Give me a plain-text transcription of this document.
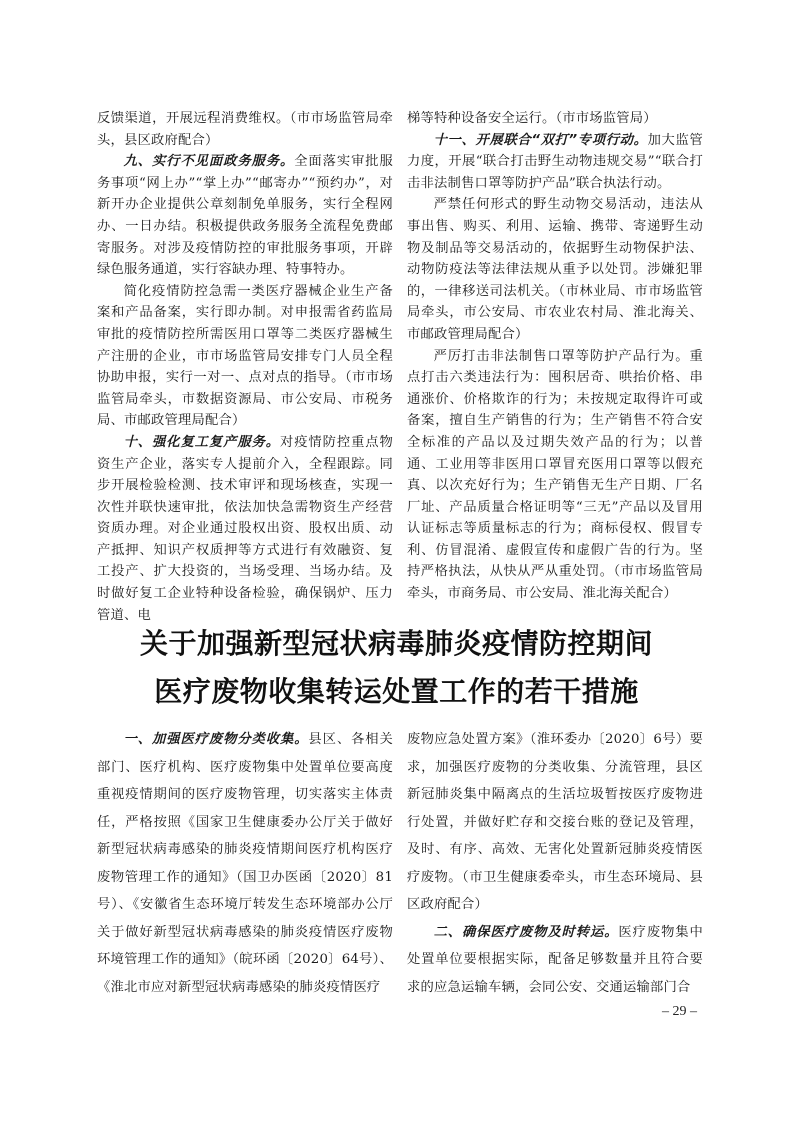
反馈渠道，开展远程消费维权。（市市场监管局牵头，县区政府配合）

九、实行不见面政务服务。全面落实审批服务事项“网上办”“掌上办”“邮寄办”“预约办”，对新开办企业提供公章刻制免单服务，实行全程网办、一日办结。积极提供政务服务全流程免费邮寄服务。对涉及疫情防控的审批服务事项，开辟绿色服务通道，实行容缺办理、特事特办。

简化疫情防控急需一类医疗器械企业生产备案和产品备案，实行即办制。对申报需省药监局审批的疫情防控所需医用口罩等二类医疗器械生产注册的企业，市市场监管局安排专门人员全程协助申报，实行一对一、点对点的指导。（市市场监管局牵头，市数据资源局、市公安局、市税务局、市邮政管理局配合）

十、强化复工复产服务。对疫情防控重点物资生产企业，落实专人提前介入，全程跟踪。同步开展检验检测、技术审评和现场核查，实现一次性并联快速审批，依法加快急需物资生产经营资质办理。对企业通过股权出资、股权出质、动产抵押、知识产权质押等方式进行有效融资、复工投产、扩大投资的，当场受理、当场办结。及时做好复工企业特种设备检验，确保锅炉、压力管道、电

梯等特种设备安全运行。（市市场监管局）

十一、开展联合“双打”专项行动。加大监管力度，开展“联合打击野生动物违规交易”“联合打击非法制售口罩等防护产品”联合执法行动。

严禁任何形式的野生动物交易活动，违法从事出售、购买、利用、运输、携带、寄递野生动物及制品等交易活动的，依据野生动物保护法、动物防疫法等法律法规从重予以处罚。涉嫌犯罪的，一律移送司法机关。（市林业局、市市场监管局牵头，市公安局、市农业农村局、淮北海关、市邮政管理局配合）

严厉打击非法制售口罩等防护产品行为。重点打击六类违法行为：囤积居奇、哄抬价格、串通涨价、价格欺诈的行为；未按规定取得许可或备案，擅自生产销售的行为；生产销售不符合安全标准的产品以及过期失效产品的行为；以普通、工业用等非医用口罩冒充医用口罩等以假充真、以次充好行为；生产销售无生产日期、厂名厂址、产品质量合格证明等“三无”产品以及冒用认证标志等质量标志的行为；商标侵权、假冒专利、仿冒混淆、虚假宣传和虚假广告的行为。坚持严格执法，从快从严从重处罚。（市市场监管局牵头，市商务局、市公安局、淮北海关配合）

关于加强新型冠状病毒肺炎疫情防控期间
医疗废物收集转运处置工作的若干措施

一、加强医疗废物分类收集。县区、各相关部门、医疗机构、医疗废物集中处置单位要高度重视疫情期间的医疗废物管理，切实落实主体责任，严格按照《国家卫生健康委办公厅关于做好新型冠状病毒感染的肺炎疫情期间医疗机构医疗废物管理工作的通知》（国卫办医函〔2020〕81号）、《安徽省生态环境厅转发生态环境部办公厅关于做好新型冠状病毒感染的肺炎疫情医疗废物环境管理工作的通知》（皖环函〔2020〕64号）、《淮北市应对新型冠状病毒感染的肺炎疫情医疗

废物应急处置方案》（淮环委办〔2020〕6号）要求，加强医疗废物的分类收集、分流管理，县区新冠肺炎集中隔离点的生活垃圾暂按医疗废物进行处置，并做好贮存和交接台账的登记及管理，及时、有序、高效、无害化处置新冠肺炎疫情医疗废物。（市卫生健康委牵头，市生态环境局、县区政府配合）

二、确保医疗废物及时转运。医疗废物集中处置单位要根据实际，配备足够数量并且符合要求的应急运输车辆，会同公安、交通运输部门合

– 29 –
